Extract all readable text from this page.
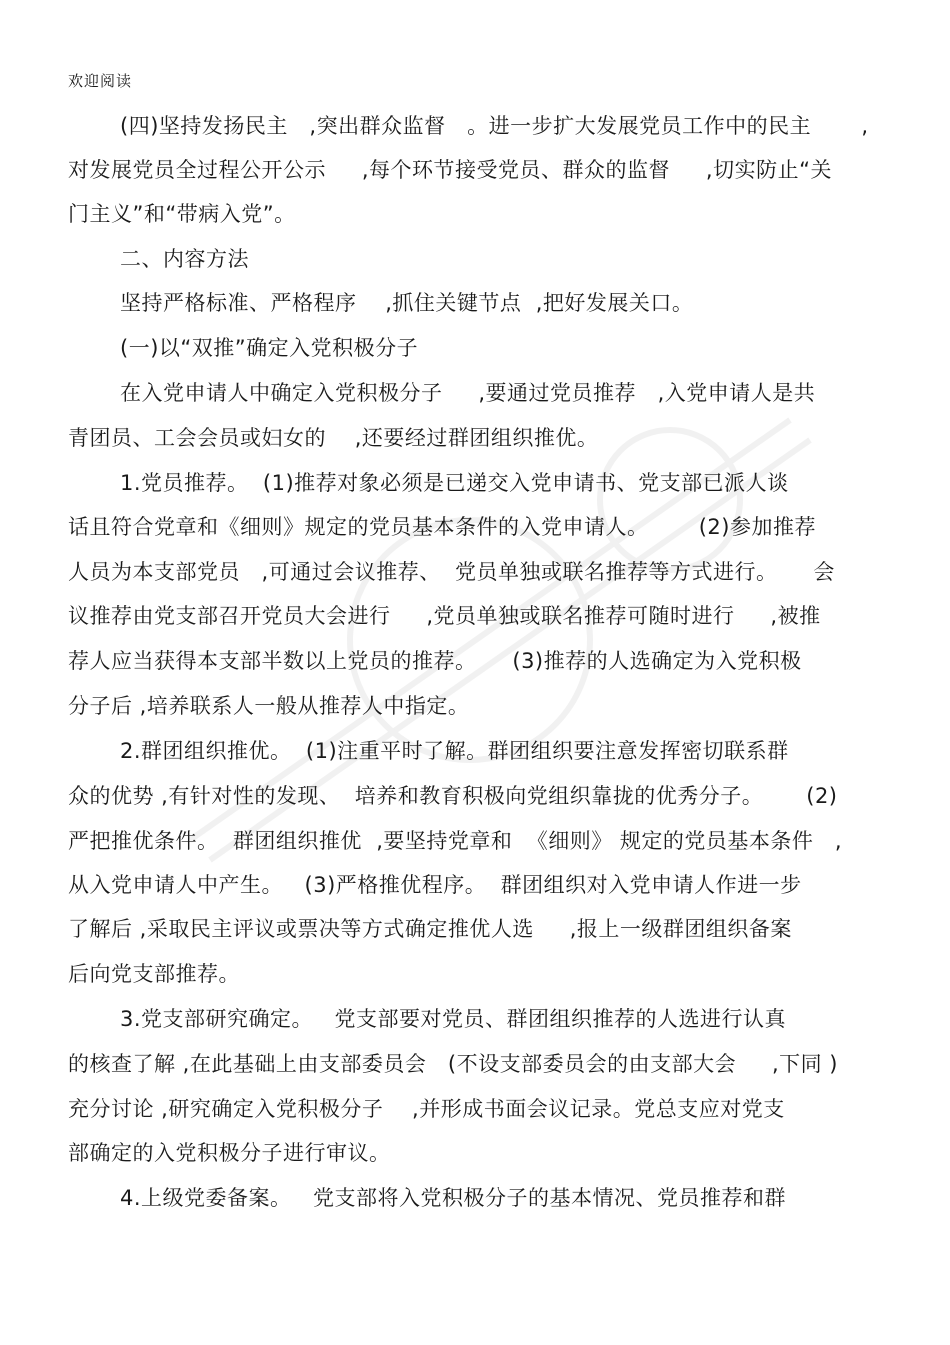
欢迎阅读
(四)坚持发扬民主   ,突出群众监督   。进一步扩大发展党员工作中的民主       ,
对发展党员全过程公开公示     ,每个环节接受党员、群众的监督     ,切实防止“关
门主义”和“带病入党”。
二、内容方法
坚持严格标准、严格程序    ,抓住关键节点  ,把好发展关口。
(一)以“双推”确定入党积极分子
在入党申请人中确定入党积极分子     ,要通过党员推荐   ,入党申请人是共
青团员、工会会员或妇女的    ,还要经过群团组织推优。
1.党员推荐。  (1)推荐对象必须是已递交入党申请书、党支部已派人谈
话且符合党章和《细则》规定的党员基本条件的入党申请人。       (2)参加推荐
人员为本支部党员   ,可通过会议推荐、  党员单独或联名推荐等方式进行。     会
议推荐由党支部召开党员大会进行     ,党员单独或联名推荐可随时进行     ,被推
荐人应当获得本支部半数以上党员的推荐。     (3)推荐的人选确定为入党积极
分子后 ,培养联系人一般从推荐人中指定。
2.群团组织推优。  (1)注重平时了解。群团组织要注意发挥密切联系群
众的优势 ,有针对性的发现、  培养和教育积极向党组织靠拢的优秀分子。      (2)
严把推优条件。  群团组织推优  ,要坚持党章和  《细则》 规定的党员基本条件   ,
从入党申请人中产生。   (3)严格推优程序。  群团组织对入党申请人作进一步
了解后 ,采取民主评议或票决等方式确定推优人选     ,报上一级群团组织备案
后向党支部推荐。
3.党支部研究确定。   党支部要对党员、群团组织推荐的人选进行认真
的核查了解 ,在此基础上由支部委员会   (不设支部委员会的由支部大会     ,下同 )
充分讨论 ,研究确定入党积极分子    ,并形成书面会议记录。党总支应对党支
部确定的入党积极分子进行审议。
4.上级党委备案。   党支部将入党积极分子的基本情况、党员推荐和群
